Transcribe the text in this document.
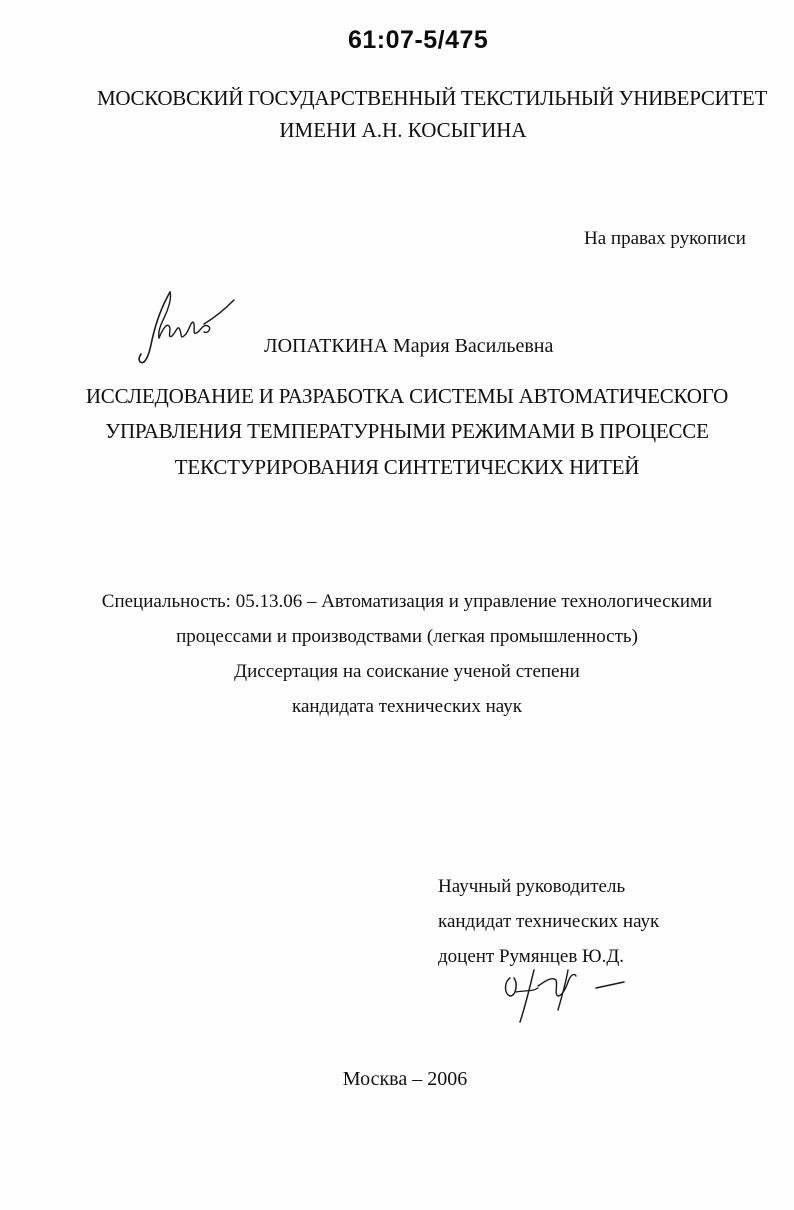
61:07-5/475
МОСКОВСКИЙ ГОСУДАРСТВЕННЫЙ ТЕКСТИЛЬНЫЙ УНИВЕРСИТЕТ
ИМЕНИ А.Н. КОСЫГИНА
На правах рукописи
ЛОПАТКИНА Мария Васильевна
ИССЛЕДОВАНИЕ И РАЗРАБОТКА СИСТЕМЫ АВТОМАТИЧЕСКОГО
УПРАВЛЕНИЯ ТЕМПЕРАТУРНЫМИ РЕЖИМАМИ В ПРОЦЕССЕ
ТЕКСТУРИРОВАНИЯ СИНТЕТИЧЕСКИХ НИТЕЙ
Специальность: 05.13.06 – Автоматизация и управление технологическими
процессами и производствами (легкая промышленность)
Диссертация на соискание ученой степени
кандидата технических наук
Научный руководитель
кандидат технических наук
доцент Румянцев Ю.Д.
Москва – 2006
